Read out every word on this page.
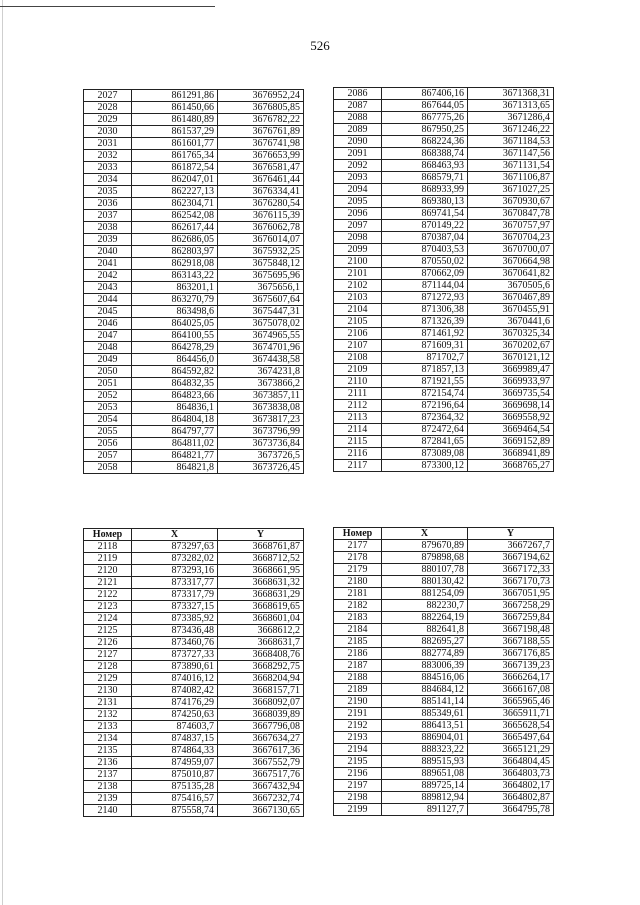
526
2027	861291,86	3676952,24
2028	861450,66	3676805,85
2029	861480,89	3676782,22
2030	861537,29	3676761,89
2031	861601,77	3676741,98
2032	861765,34	3676653,99
2033	861872,54	3676581,47
2034	862047,01	3676461,44
2035	862227,13	3676334,41
2036	862304,71	3676280,54
2037	862542,08	3676115,39
2038	862617,44	3676062,78
2039	862686,05	3676014,07
2040	862803,97	3675932,25
2041	862918,08	3675848,12
2042	863143,22	3675695,96
2043	863201,1	3675656,1
2044	863270,79	3675607,64
2045	863498,6	3675447,31
2046	864025,05	3675078,02
2047	864100,55	3674965,55
2048	864278,29	3674701,96
2049	864456,0	3674438,58
2050	864592,82	3674231,8
2051	864832,35	3673866,2
2052	864823,66	3673857,11
2053	864836,1	3673838,08
2054	864804,18	3673817,23
2055	864797,77	3673796,99
2056	864811,02	3673736,84
2057	864821,77	3673726,5
2058	864821,8	3673726,45
2086	867406,16	3671368,31
2087	867644,05	3671313,65
2088	867775,26	3671286,4
2089	867950,25	3671246,22
2090	868224,36	3671184,53
2091	868388,74	3671147,56
2092	868463,93	3671131,54
2093	868579,71	3671106,87
2094	868933,99	3671027,25
2095	869380,13	3670930,67
2096	869741,54	3670847,78
2097	870149,22	3670757,97
2098	870387,04	3670704,23
2099	870403,53	3670700,07
2100	870550,02	3670664,98
2101	870662,09	3670641,82
2102	871144,04	3670505,6
2103	871272,93	3670467,89
2104	871306,38	3670455,91
2105	871326,39	3670441,6
2106	871461,92	3670325,34
2107	871609,31	3670202,67
2108	871702,7	3670121,12
2109	871857,13	3669989,47
2110	871921,55	3669933,97
2111	872154,74	3669735,54
2112	872196,64	3669698,14
2113	872364,32	3669558,92
2114	872472,64	3669464,54
2115	872841,65	3669152,89
2116	873089,08	3668941,89
2117	873300,12	3668765,27
Номер	X	Y
2118	873297,63	3668761,87
2119	873282,02	3668712,52
2120	873293,16	3668661,95
2121	873317,77	3668631,32
2122	873317,79	3668631,29
2123	873327,15	3668619,65
2124	873385,92	3668601,04
2125	873436,48	3668612,2
2126	873460,76	3668631,7
2127	873727,33	3668408,76
2128	873890,61	3668292,75
2129	874016,12	3668204,94
2130	874082,42	3668157,71
2131	874176,29	3668092,07
2132	874250,63	3668039,89
2133	874603,7	3667796,08
2134	874837,15	3667634,27
2135	874864,33	3667617,36
2136	874959,07	3667552,79
2137	875010,87	3667517,76
2138	875135,28	3667432,94
2139	875416,57	3667232,74
2140	875558,74	3667130,65
Номер	X	Y
2177	879670,89	3667267,7
2178	879898,68	3667194,62
2179	880107,78	3667172,33
2180	880130,42	3667170,73
2181	881254,09	3667051,95
2182	882230,7	3667258,29
2183	882264,19	3667259,84
2184	882641,8	3667198,48
2185	882695,27	3667188,55
2186	882774,89	3667176,85
2187	883006,39	3667139,23
2188	884516,06	3666264,17
2189	884684,12	3666167,08
2190	885141,14	3665965,46
2191	885349,61	3665911,71
2192	886413,51	3665628,54
2193	886904,01	3665497,64
2194	888323,22	3665121,29
2195	889515,93	3664804,45
2196	889651,08	3664803,73
2197	889725,14	3664802,17
2198	889812,94	3664802,87
2199	891127,7	3664795,78
